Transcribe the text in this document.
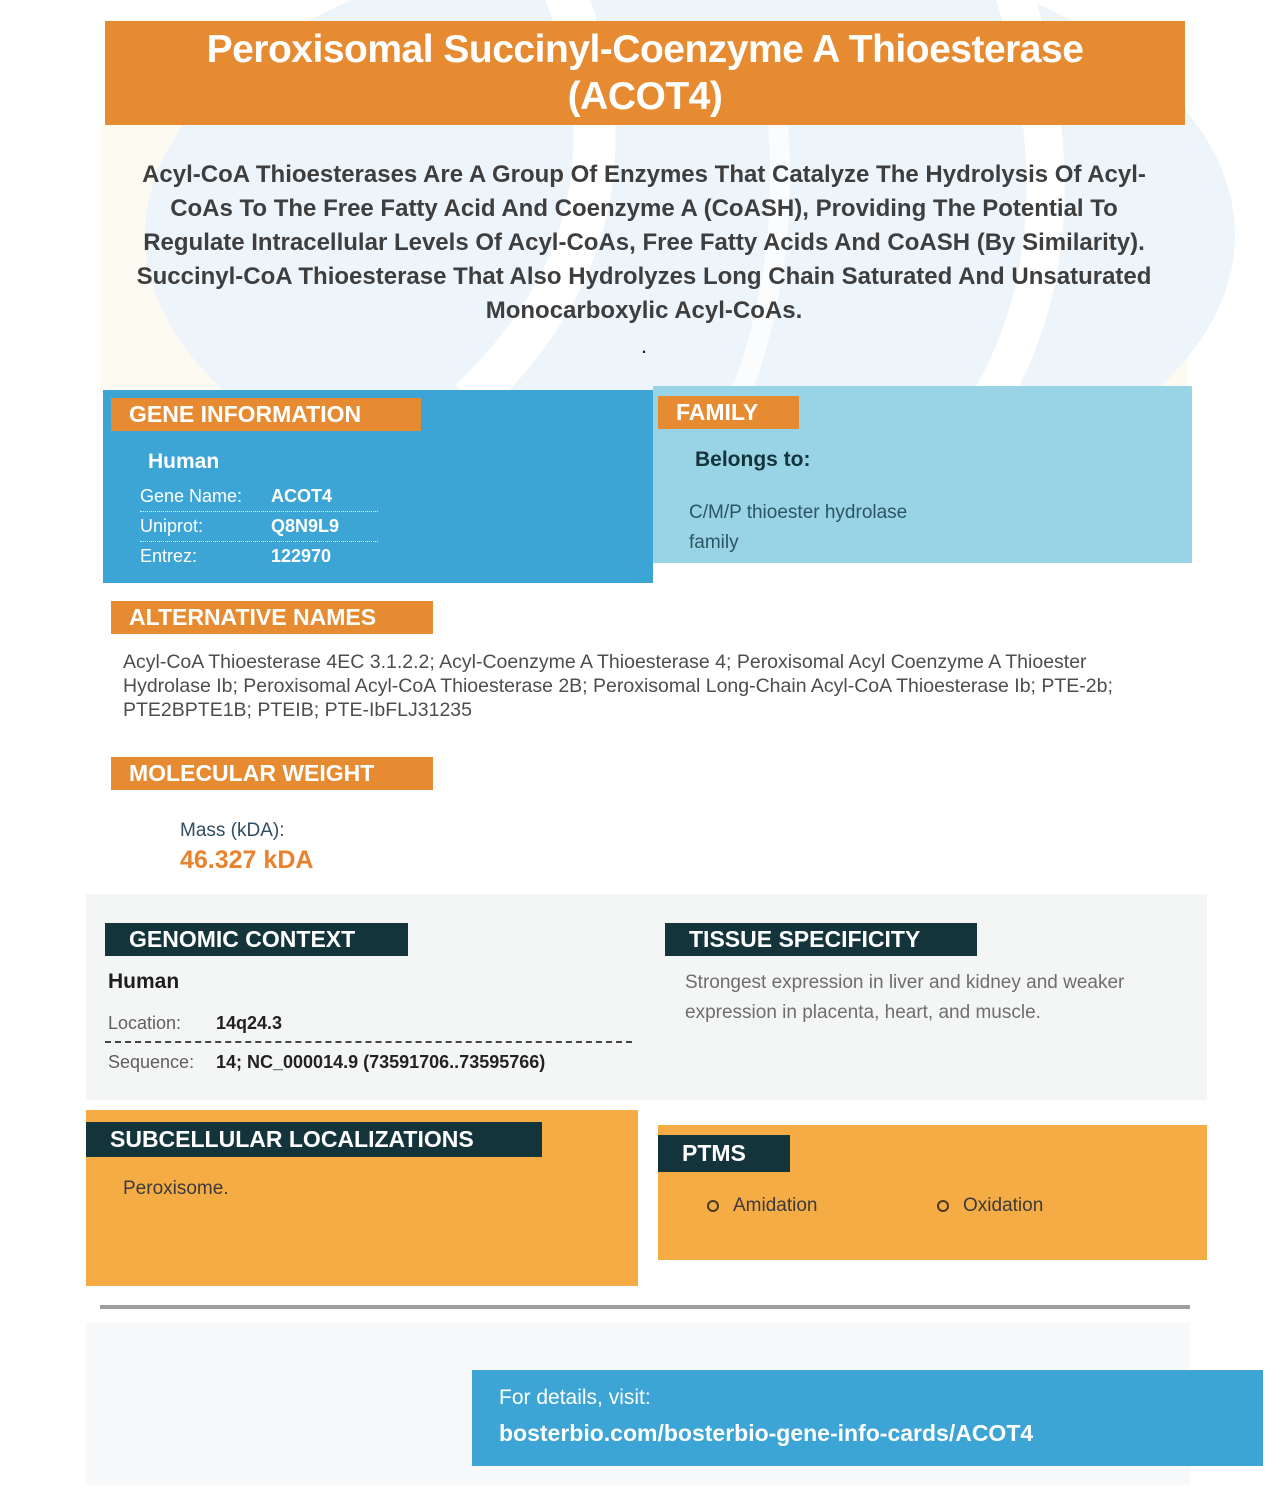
Peroxisomal Succinyl-Coenzyme A Thioesterase (ACOT4)
Acyl-CoA Thioesterases Are A Group Of Enzymes That Catalyze The Hydrolysis Of Acyl-CoAs To The Free Fatty Acid And Coenzyme A (CoASH), Providing The Potential To Regulate Intracellular Levels Of Acyl-CoAs, Free Fatty Acids And CoASH (By Similarity). Succinyl-CoA Thioesterase That Also Hydrolyzes Long Chain Saturated And Unsaturated Monocarboxylic Acyl-CoAs.
.
GENE INFORMATION
Human
Gene Name:	ACOT4
Uniprot:	Q8N9L9
Entrez:	122970
FAMILY
Belongs to:
C/M/P thioester hydrolase family
ALTERNATIVE NAMES
Acyl-CoA Thioesterase 4EC 3.1.2.2; Acyl-Coenzyme A Thioesterase 4; Peroxisomal Acyl Coenzyme A Thioester Hydrolase Ib; Peroxisomal Acyl-CoA Thioesterase 2B; Peroxisomal Long-Chain Acyl-CoA Thioesterase Ib; PTE-2b; PTE2BPTE1B; PTEIB; PTE-IbFLJ31235
MOLECULAR WEIGHT
Mass (kDA):
46.327 kDA
GENOMIC CONTEXT
Human
Location:	14q24.3
Sequence:	14; NC_000014.9 (73591706..73595766)
TISSUE SPECIFICITY
Strongest expression in liver and kidney and weaker expression in placenta, heart, and muscle.
SUBCELLULAR LOCALIZATIONS
Peroxisome.
PTMS
Amidation	Oxidation
For details, visit:
bosterbio.com/bosterbio-gene-info-cards/ACOT4
